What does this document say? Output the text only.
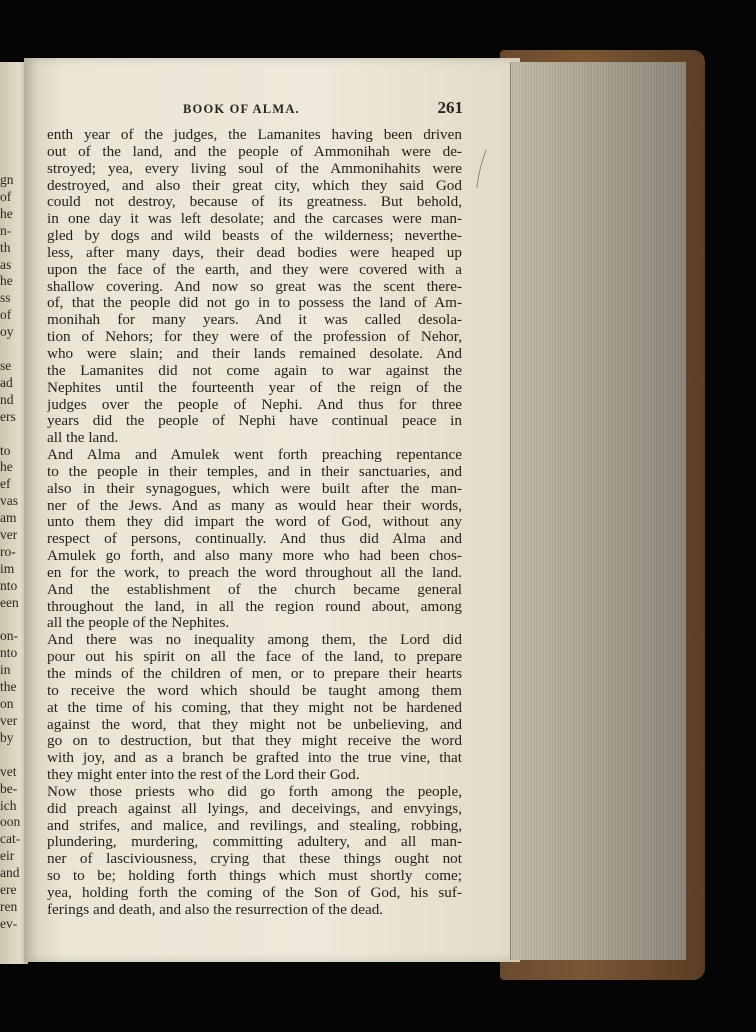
gn
of
he
n-
th
as
he
ss
of
oy

se
ad
nd
ers

to
he
ef
vas
am
ver
ro-
im
nto
een

on-
nto
in
the
on
ver
by

vet
be-
ich
oon
cat-
eir
and
ere
ren
ev-
BOOK OF ALMA.	261
enth year of the judges, the Lamanites having been driven
out of the land, and the people of Ammonihah were de-
stroyed; yea, every living soul of the Ammonihahits were
destroyed, and also their great city, which they said God
could not destroy, because of its greatness. But behold,
in one day it was left desolate; and the carcases were man-
gled by dogs and wild beasts of the wilderness; neverthe-
less, after many days, their dead bodies were heaped up
upon the face of the earth, and they were covered with a
shallow covering. And now so great was the scent there-
of, that the people did not go in to possess the land of Am-
monihah for many years. And it was called desola-
tion of Nehors; for they were of the profession of Nehor,
who were slain; and their lands remained desolate. And
the Lamanites did not come again to war against the
Nephites until the fourteenth year of the reign of the
judges over the people of Nephi. And thus for three
years did the people of Nephi have continual peace in
all the land.
And Alma and Amulek went forth preaching repentance
to the people in their temples, and in their sanctuaries, and
also in their synagogues, which were built after the man-
ner of the Jews. And as many as would hear their words,
unto them they did impart the word of God, without any
respect of persons, continually. And thus did Alma and
Amulek go forth, and also many more who had been chos-
en for the work, to preach the word throughout all the land.
And the establishment of the church became general
throughout the land, in all the region round about, among
all the people of the Nephites.
And there was no inequality among them, the Lord did
pour out his spirit on all the face of the land, to prepare
the minds of the children of men, or to prepare their hearts
to receive the word which should be taught among them
at the time of his coming, that they might not be hardened
against the word, that they might not be unbelieving, and
go on to destruction, but that they might receive the word
with joy, and as a branch be grafted into the true vine, that
they might enter into the rest of the Lord their God.
Now those priests who did go forth among the people,
did preach against all lyings, and deceivings, and envyings,
and strifes, and malice, and revilings, and stealing, robbing,
plundering, murdering, committing adultery, and all man-
ner of lasciviousness, crying that these things ought not
so to be; holding forth things which must shortly come;
yea, holding forth the coming of the Son of God, his suf-
ferings and death, and also the resurrection of the dead.
